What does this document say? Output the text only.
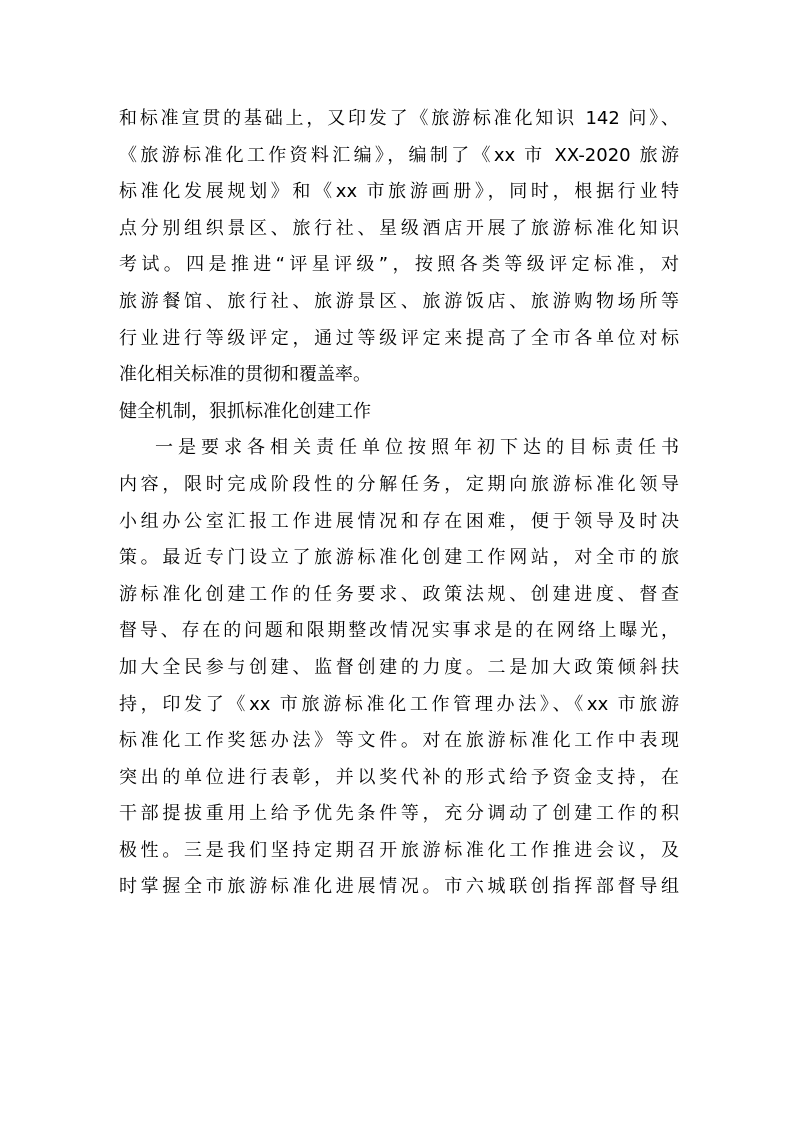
和标准宣贯的基础上，又印发了《旅游标准化知识 142 问》、
《旅游标准化工作资料汇编》，编制了《xx 市 XX-2020 旅游
标准化发展规划》和《xx 市旅游画册》，同时，根据行业特
点分别组织景区、旅行社、星级酒店开展了旅游标准化知识
考试。四是推进“评星评级”，按照各类等级评定标准，对
旅游餐馆、旅行社、旅游景区、旅游饭店、旅游购物场所等
行业进行等级评定，通过等级评定来提高了全市各单位对标
准化相关标准的贯彻和覆盖率。
健全机制，狠抓标准化创建工作
一是要求各相关责任单位按照年初下达的目标责任书
内容，限时完成阶段性的分解任务，定期向旅游标准化领导
小组办公室汇报工作进展情况和存在困难，便于领导及时决
策。最近专门设立了旅游标准化创建工作网站，对全市的旅
游标准化创建工作的任务要求、政策法规、创建进度、督查
督导、存在的问题和限期整改情况实事求是的在网络上曝光，
加大全民参与创建、监督创建的力度。二是加大政策倾斜扶
持，印发了《xx 市旅游标准化工作管理办法》、《xx 市旅游
标准化工作奖惩办法》等文件。对在旅游标准化工作中表现
突出的单位进行表彰，并以奖代补的形式给予资金支持，在
干部提拔重用上给予优先条件等，充分调动了创建工作的积
极性。三是我们坚持定期召开旅游标准化工作推进会议，及
时掌握全市旅游标准化进展情况。市六城联创指挥部督导组
